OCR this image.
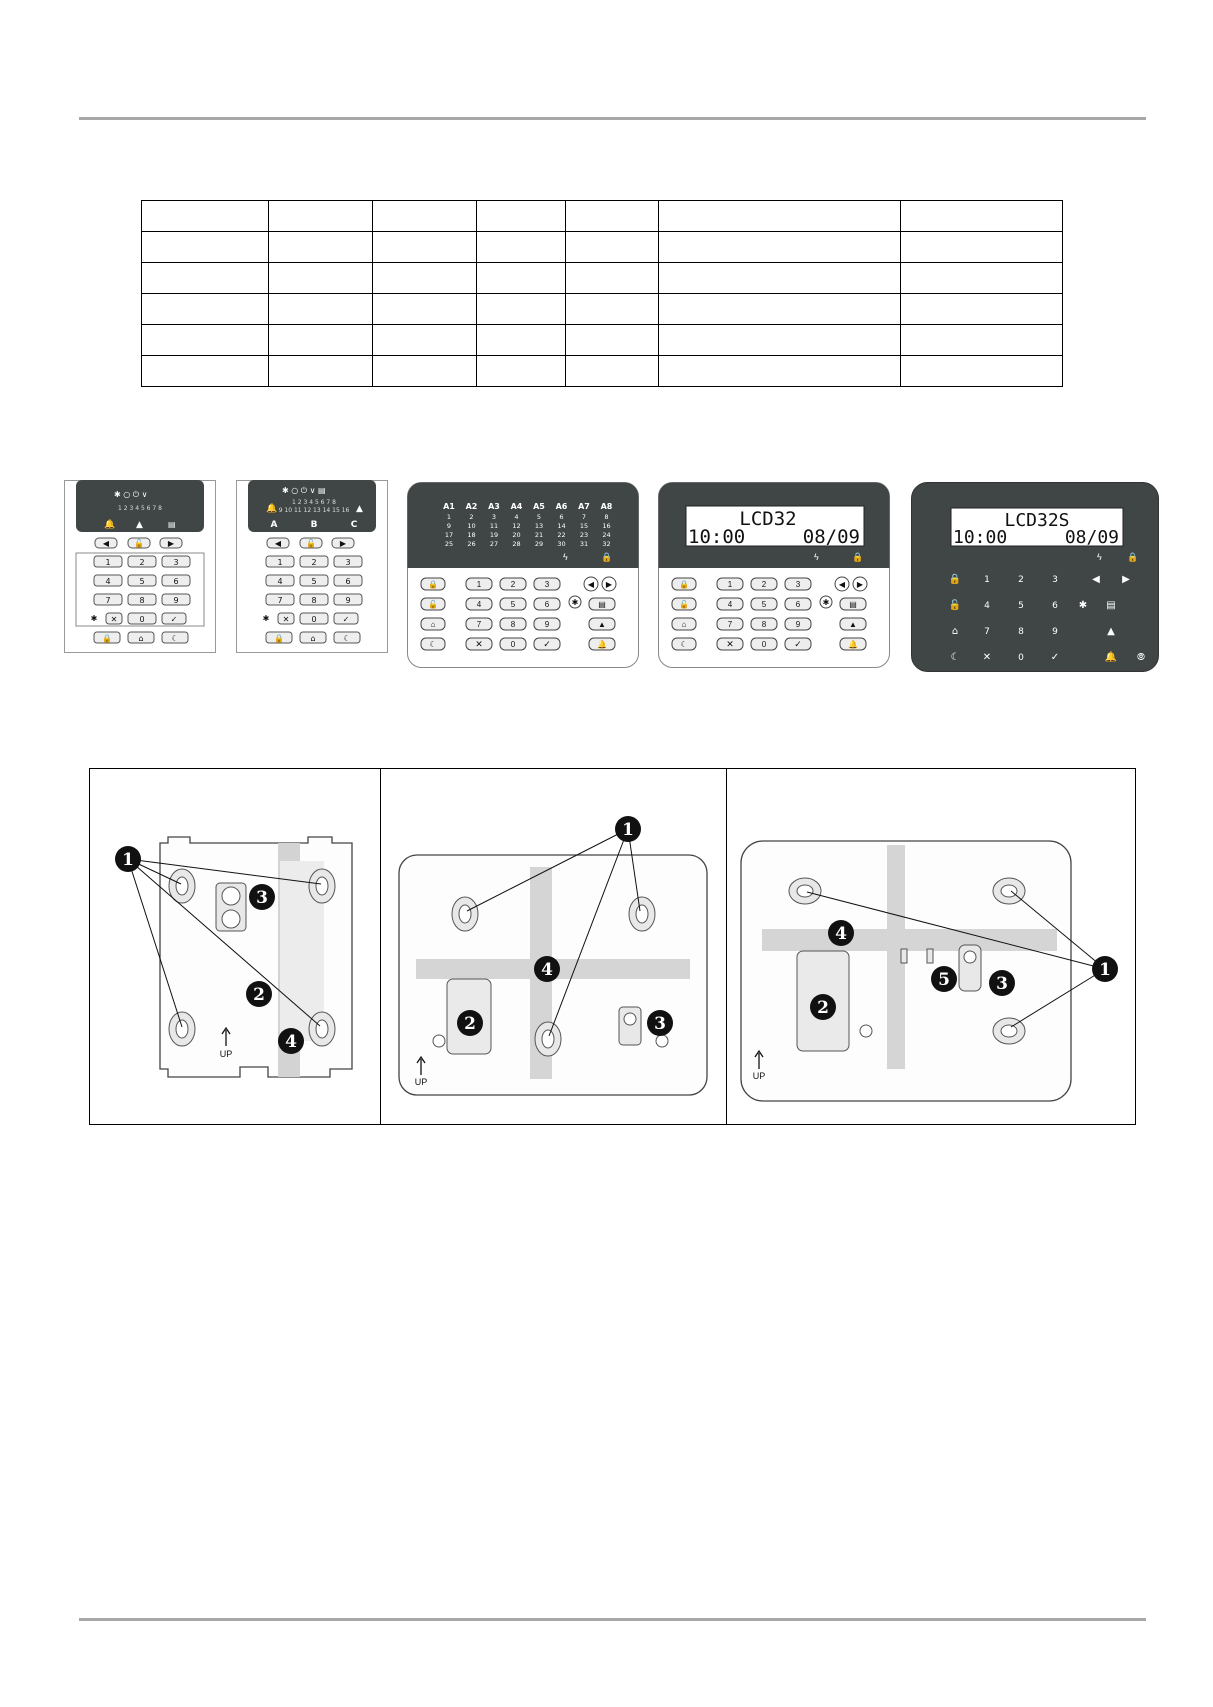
✱ ○ ⏻ ∨
1 2 3 4 5 6 7 8
🔔 ▲	▤
◀	🔓	▶
1	2	3
4	5	6
7	8	9
0
✱ ✕	✓
🔒	⌂	☾
✱ ○ ⏻ ∨ ▤
🔔
1 2 3 4 5 6 7 8
9 10 11 12 13 14 15 16 ▲
A	B	C
◀	🔓	▶
1	2	3
4	5	6
7	8	9
0
✱ ✕	✓
🔒	⌂	☾
A1
1
9
17
25
A2
2
10
18
26
A3
3
11
19
27
A4
4
12
20
28
A5
5
13
21
29
A6
6
14
22
30
A7
7
15
23
31
A8
8
16
24
32
ϟ	🔒
🔒
🔓
⌂
☾
1	2	3
4	5	6
7	8	9
✕	0	✓
✱
◀ ▶
▤
▲
🔔
LCD32
10:00	08/09
ϟ	🔒
🔒
🔓
⌂
☾
1	2	3
4	5	6
7	8	9
✕	0	✓
✱
◀ ▶
▤
▲
🔔
LCD32S
10:00	08/09
ϟ	🔒
🔒
🔓
⌂
☾
1	2	3
4	5	6
7	8	9
✕	0	✓
◀ ▶
✱ ▤
▲
🔔 ⦾
UP
1
2
3
4
UP
1
2	3
4
UP
1
2
3
4
5
